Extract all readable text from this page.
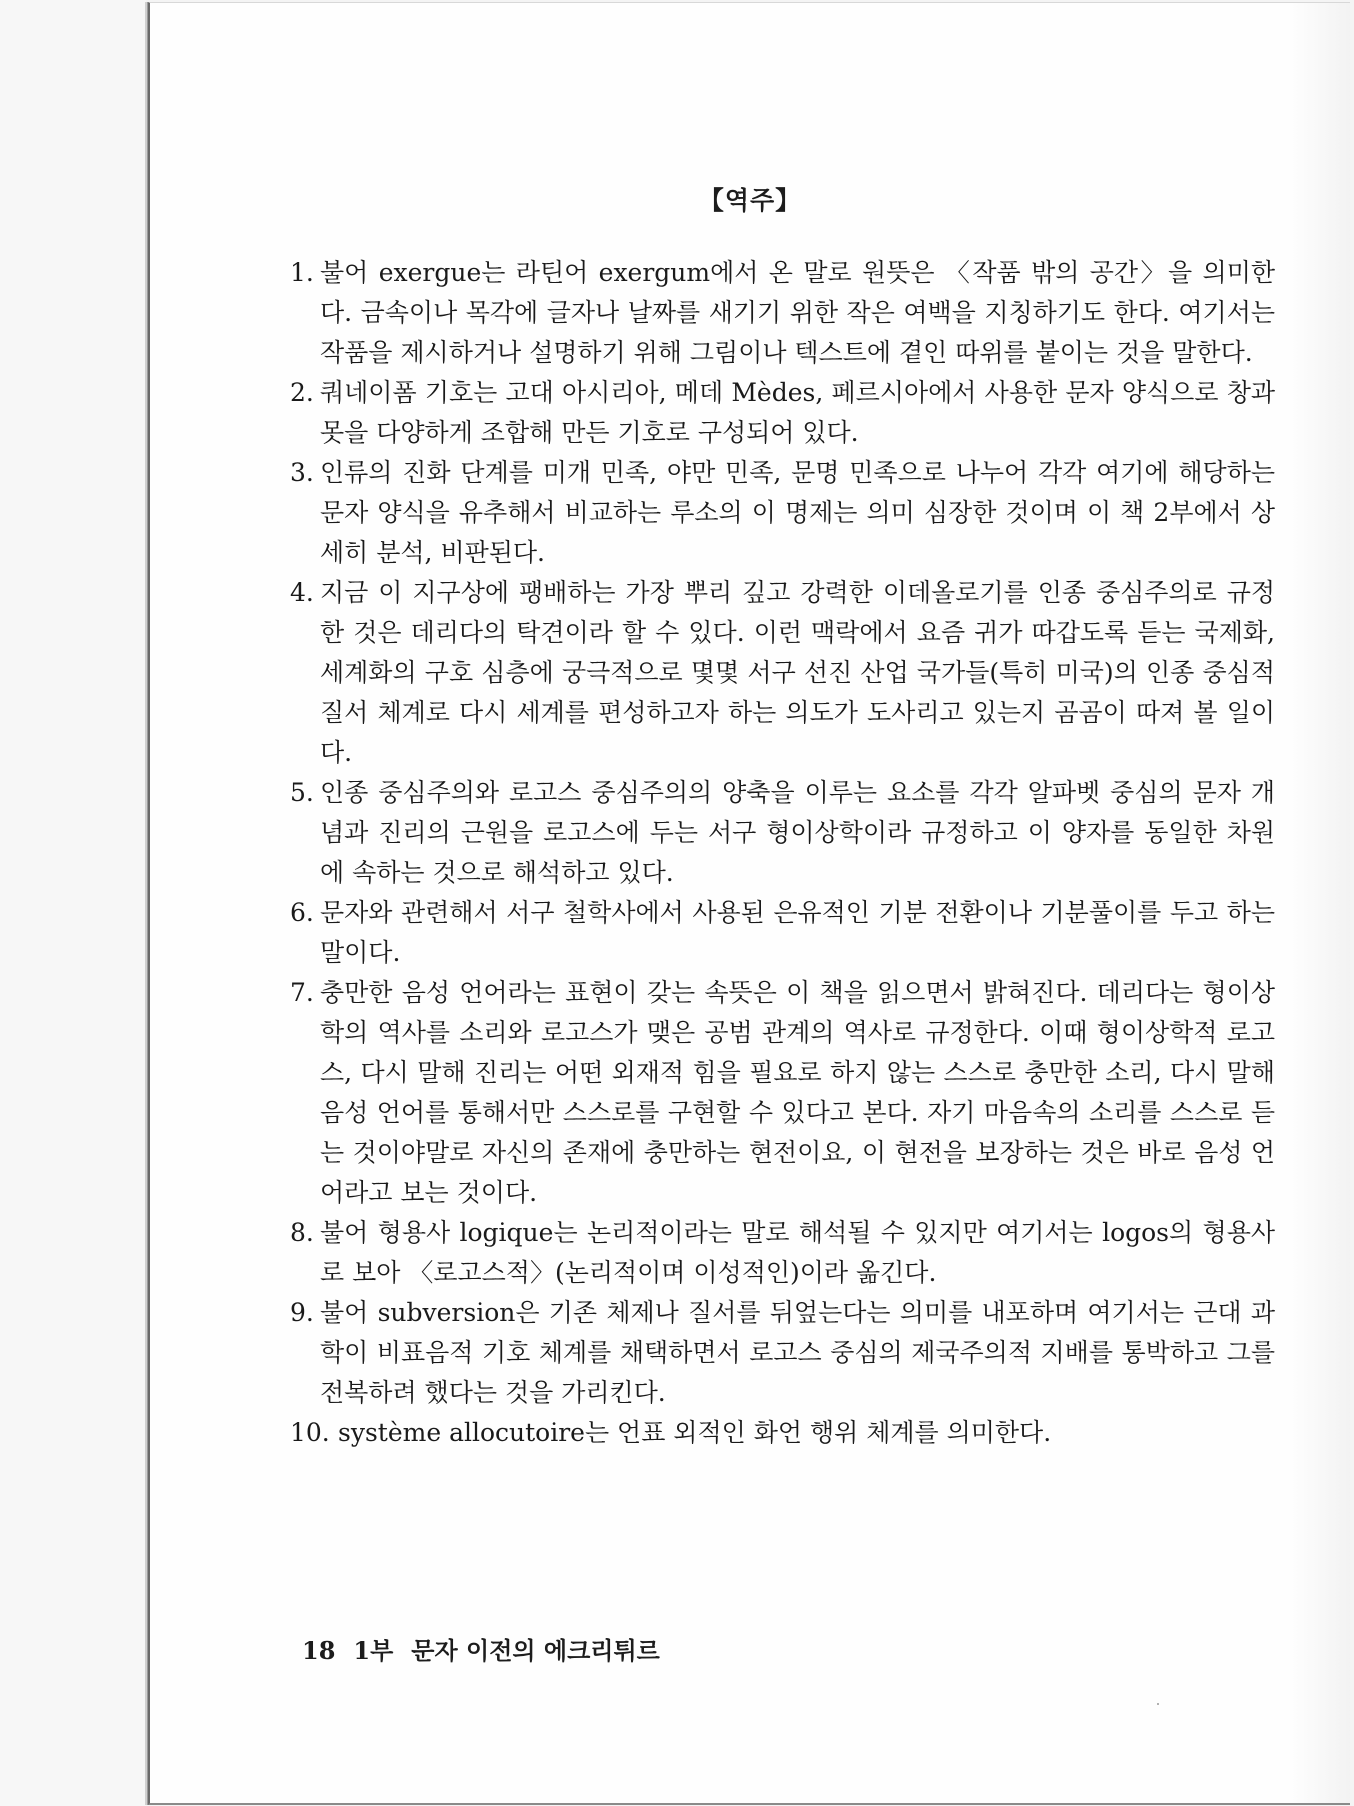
【역주】
1. 불어 exergue는 라틴어 exergum에서 온 말로 원뜻은 〈작품 밖의 공간〉을 의미한다. 금속이나 목각에 글자나 날짜를 새기기 위한 작은 여백을 지칭하기도 한다. 여기서는 작품을 제시하거나 설명하기 위해 그림이나 텍스트에 곁인 따위를 붙이는 것을 말한다.
2. 쿼네이폼 기호는 고대 아시리아, 메데 Mèdes, 페르시아에서 사용한 문자 양식으로 창과 못을 다양하게 조합해 만든 기호로 구성되어 있다.
3. 인류의 진화 단계를 미개 민족, 야만 민족, 문명 민족으로 나누어 각각 여기에 해당하는 문자 양식을 유추해서 비교하는 루소의 이 명제는 의미 심장한 것이며 이 책 2부에서 상세히 분석, 비판된다.
4. 지금 이 지구상에 팽배하는 가장 뿌리 깊고 강력한 이데올로기를 인종 중심주의로 규정한 것은 데리다의 탁견이라 할 수 있다. 이런 맥락에서 요즘 귀가 따갑도록 듣는 국제화, 세계화의 구호 심층에 궁극적으로 몇몇 서구 선진 산업 국가들(특히 미국)의 인종 중심적 질서 체계로 다시 세계를 편성하고자 하는 의도가 도사리고 있는지 곰곰이 따져 볼 일이다.
5. 인종 중심주의와 로고스 중심주의의 양축을 이루는 요소를 각각 알파벳 중심의 문자 개념과 진리의 근원을 로고스에 두는 서구 형이상학이라 규정하고 이 양자를 동일한 차원에 속하는 것으로 해석하고 있다.
6. 문자와 관련해서 서구 철학사에서 사용된 은유적인 기분 전환이나 기분풀이를 두고 하는 말이다.
7. 충만한 음성 언어라는 표현이 갖는 속뜻은 이 책을 읽으면서 밝혀진다. 데리다는 형이상학의 역사를 소리와 로고스가 맺은 공범 관계의 역사로 규정한다. 이때 형이상학적 로고스, 다시 말해 진리는 어떤 외재적 힘을 필요로 하지 않는 스스로 충만한 소리, 다시 말해 음성 언어를 통해서만 스스로를 구현할 수 있다고 본다. 자기 마음속의 소리를 스스로 듣는 것이야말로 자신의 존재에 충만하는 현전이요, 이 현전을 보장하는 것은 바로 음성 언어라고 보는 것이다.
8. 불어 형용사 logique는 논리적이라는 말로 해석될 수 있지만 여기서는 logos의 형용사로 보아 〈로고스적〉(논리적이며 이성적인)이라 옮긴다.
9. 불어 subversion은 기존 체제나 질서를 뒤엎는다는 의미를 내포하며 여기서는 근대 과학이 비표음적 기호 체계를 채택하면서 로고스 중심의 제국주의적 지배를 통박하고 그를 전복하려 했다는 것을 가리킨다.
10. système allocutoire는 언표 외적인 화언 행위 체계를 의미한다.
18 1부 문자 이전의 에크리튀르
